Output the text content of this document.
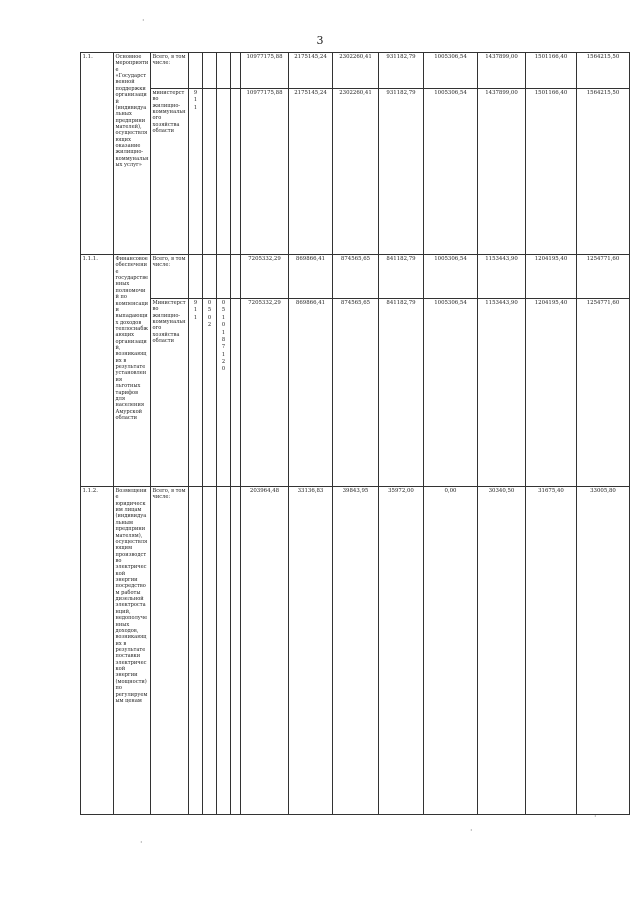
3
·
1.1.	Основное мероприятие «Государственной поддержки организаций (индивидуальных предпринимателей), осуществляющих оказание жилищно-коммунальных услуг»	Всего, в том числе:					10977175,88	2175145,24	2302260,41	931182,79	1005306,54	1437899,00	1501166,40	1564215,50
		министерство жилищно-коммунального хозяйства области	911				10977175,88	2175145,24	2302260,41	931182,79	1005306,54	1437899,00	1501166,40	1564215,50
1.1.1.	Финансовое обеспечение государственных полномочий по компенсации выпадающих доходов теплоснабжающих организаций, возникающих в результате установления льготных тарифов для населения Амурской области	Всего, в том числе:					7205332,29	869866,41	874565,65	841182,79	1005306,54	1153443,90	1204195,40	1254771,60
		Министерство жилищно-коммунального хозяйства области	911	0502	0510187120		7205332,29	869866,41	874565,65	841182,79	1005306,54	1153443,90	1204195,40	1254771,60
1.1.2.	Возмещение юридическим лицам (индивидуальным предпринимателям), осуществляющим производство электрической энергии посредством работы дизельной электростанций, недополученных доходов, возникающих в результате поставки электрической энергии (мощности) по регулируемым ценам	Всего, в том числе:					203964,48	33136,83	39843,95	35972,00	0,00	30340,50	31675,40	33005,80
·
·
·
